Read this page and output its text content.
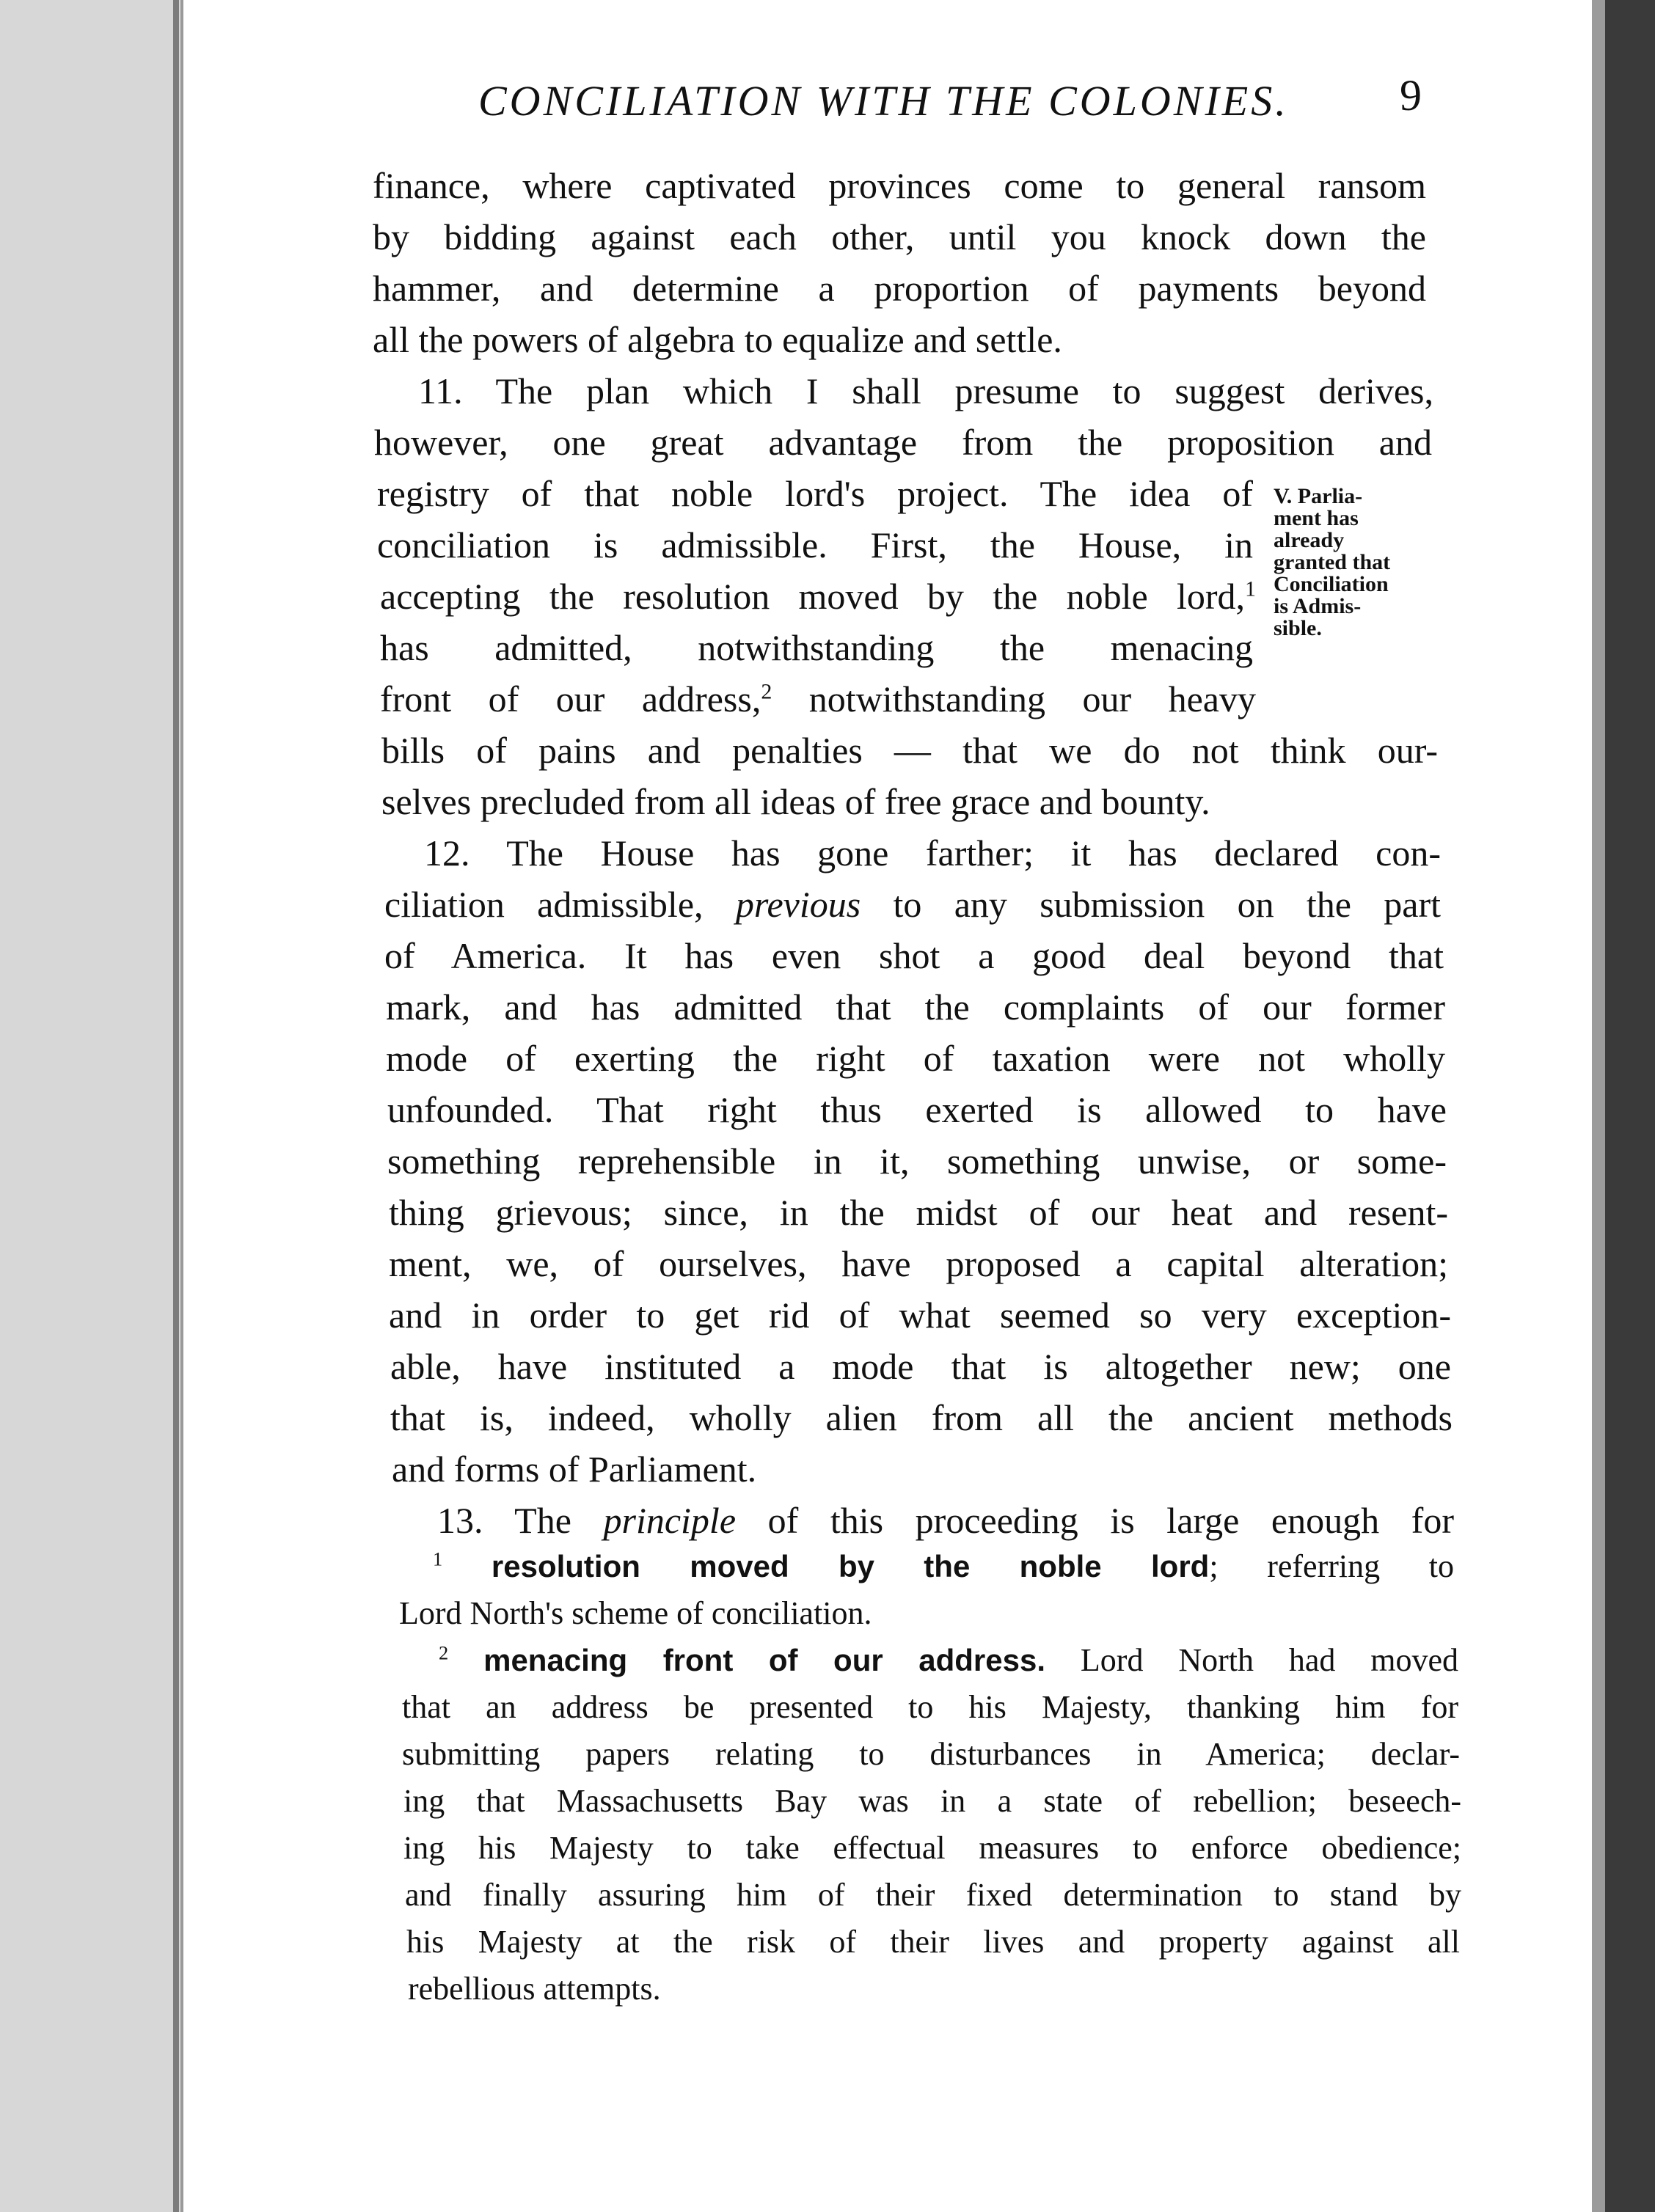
CONCILIATION WITH THE COLONIES.	9
finance, where captivated provinces come to general ransom
by bidding against each other, until you knock down the
hammer, and determine a proportion of payments beyond
all the powers of algebra to equalize and settle.
11. The plan which I shall presume to suggest derives,
however, one great advantage from the proposition and
registry of that noble lord's project. The idea of
conciliation is admissible. First, the House, in
accepting the resolution moved by the noble lord,$^1$
has admitted, notwithstanding the menacing
front of our address,$^2$ notwithstanding our heavy
bills of pains and penalties — that we do not think our-
selves precluded from all ideas of free grace and bounty.
12. The House has gone farther; it has declared con-
ciliation admissible, previous to any submission on the part
of America. It has even shot a good deal beyond that
mark, and has admitted that the complaints of our former
mode of exerting the right of taxation were not wholly
unfounded. That right thus exerted is allowed to have
something reprehensible in it, something unwise, or some-
thing grievous; since, in the midst of our heat and resent-
ment, we, of ourselves, have proposed a capital alteration;
and in order to get rid of what seemed so very exception-
able, have instituted a mode that is altogether new; one
that is, indeed, wholly alien from all the ancient methods
and forms of Parliament.
13. The principle of this proceeding is large enough for
V. Parlia-
ment has
already
granted that
Conciliation
is Admis-
sible.
$^1$ resolution moved by the noble lord; referring to
Lord North's scheme of conciliation.
$^2$ menacing front of our address. Lord North had moved
that an address be presented to his Majesty, thanking him for
submitting papers relating to disturbances in America; declar-
ing that Massachusetts Bay was in a state of rebellion; beseech-
ing his Majesty to take effectual measures to enforce obedience;
and finally assuring him of their fixed determination to stand by
his Majesty at the risk of their lives and property against all
rebellious attempts.
